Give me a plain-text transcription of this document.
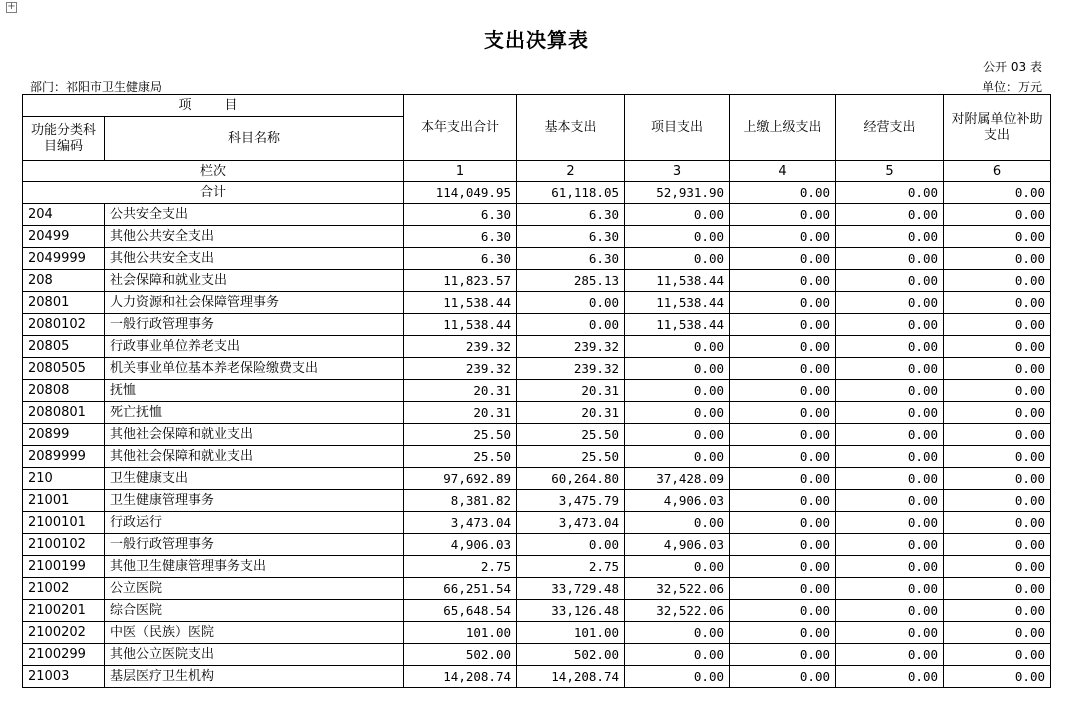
+
支出决算表
公开 03 表
部门：祁阳市卫生健康局	单位：万元
项　目		本年支出合计	基本支出	项目支出	上缴上级支出	经营支出	对附属单位补助支出
功能分类科目编码	科目名称						
栏次		1	2	3	4	5	6
合计		114,049.95	61,118.05	52,931.90	0.00	0.00	0.00
204	公共安全支出	6.30	6.30	0.00	0.00	0.00	0.00
20499	其他公共安全支出	6.30	6.30	0.00	0.00	0.00	0.00
2049999	其他公共安全支出	6.30	6.30	0.00	0.00	0.00	0.00
208	社会保障和就业支出	11,823.57	285.13	11,538.44	0.00	0.00	0.00
20801	人力资源和社会保障管理事务	11,538.44	0.00	11,538.44	0.00	0.00	0.00
2080102	一般行政管理事务	11,538.44	0.00	11,538.44	0.00	0.00	0.00
20805	行政事业单位养老支出	239.32	239.32	0.00	0.00	0.00	0.00
2080505	机关事业单位基本养老保险缴费支出	239.32	239.32	0.00	0.00	0.00	0.00
20808	抚恤	20.31	20.31	0.00	0.00	0.00	0.00
2080801	死亡抚恤	20.31	20.31	0.00	0.00	0.00	0.00
20899	其他社会保障和就业支出	25.50	25.50	0.00	0.00	0.00	0.00
2089999	其他社会保障和就业支出	25.50	25.50	0.00	0.00	0.00	0.00
210	卫生健康支出	97,692.89	60,264.80	37,428.09	0.00	0.00	0.00
21001	卫生健康管理事务	8,381.82	3,475.79	4,906.03	0.00	0.00	0.00
2100101	行政运行	3,473.04	3,473.04	0.00	0.00	0.00	0.00
2100102	一般行政管理事务	4,906.03	0.00	4,906.03	0.00	0.00	0.00
2100199	其他卫生健康管理事务支出	2.75	2.75	0.00	0.00	0.00	0.00
21002	公立医院	66,251.54	33,729.48	32,522.06	0.00	0.00	0.00
2100201	综合医院	65,648.54	33,126.48	32,522.06	0.00	0.00	0.00
2100202	中医（民族）医院	101.00	101.00	0.00	0.00	0.00	0.00
2100299	其他公立医院支出	502.00	502.00	0.00	0.00	0.00	0.00
21003	基层医疗卫生机构	14,208.74	14,208.74	0.00	0.00	0.00	0.00
